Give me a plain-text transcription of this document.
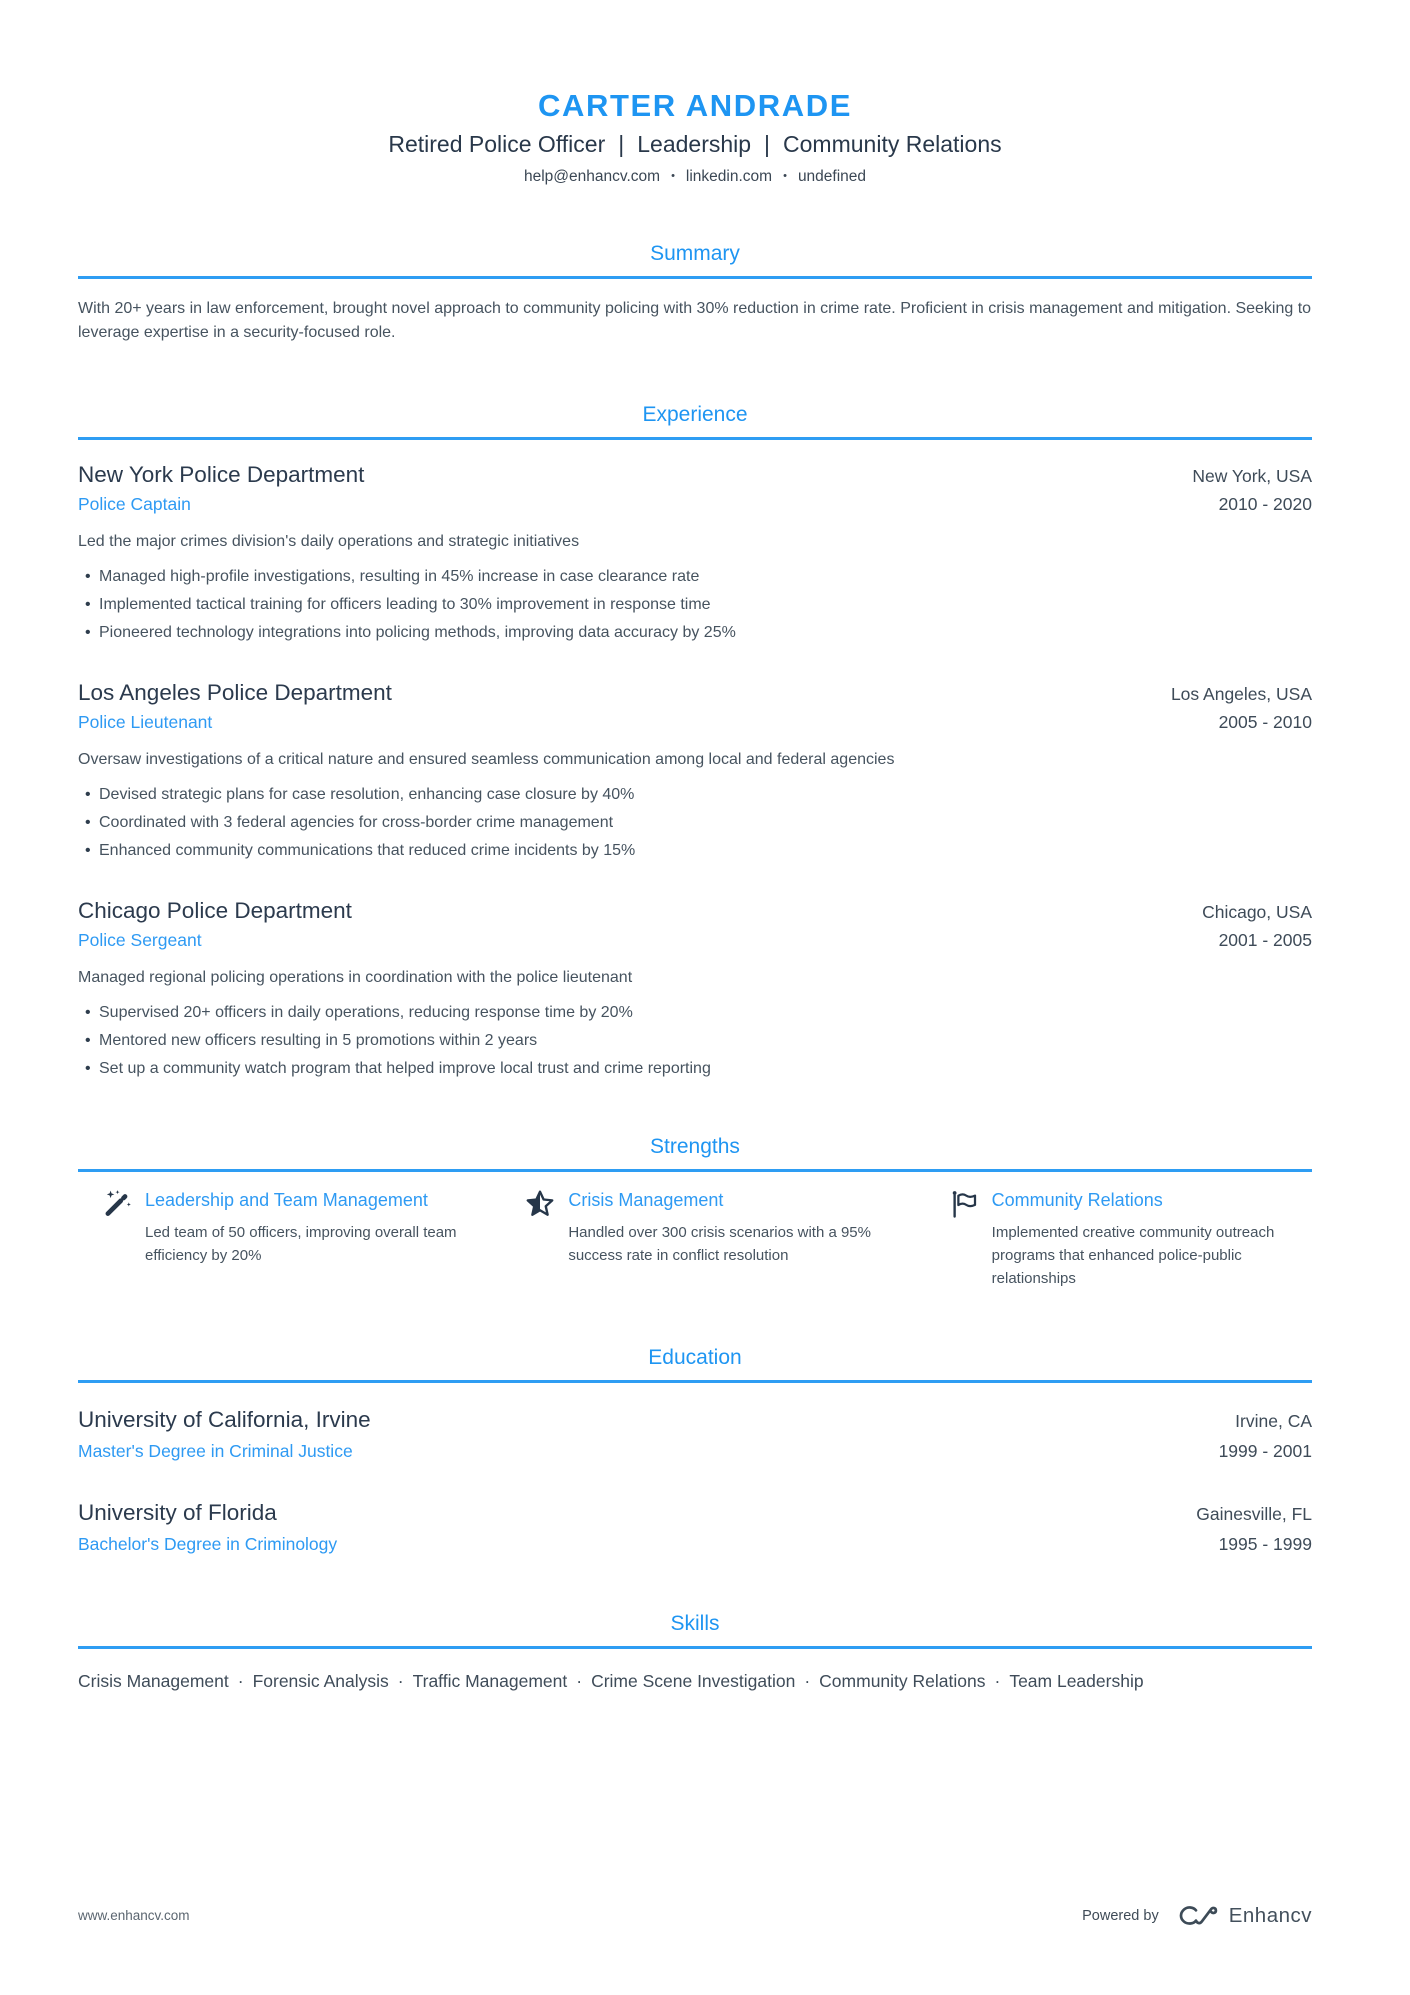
CARTER ANDRADE
Retired Police Officer | Leadership | Community Relations
help@enhancv.com • linkedin.com • undefined
Summary

With 20+ years in law enforcement, brought novel approach to community policing with 30% reduction in crime rate. Proficient in crisis management and mitigation. Seeking to leverage expertise in a security-focused role.

Experience
New York Police Department	New York, USA
Police Captain	2010 - 2020

Led the major crimes division's daily operations and strategic initiatives

• Managed high-profile investigations, resulting in 45% increase in case clearance rate
• Implemented tactical training for officers leading to 30% improvement in response time
• Pioneered technology integrations into policing methods, improving data accuracy by 25%
Los Angeles Police Department	Los Angeles, USA
Police Lieutenant	2005 - 2010

Oversaw investigations of a critical nature and ensured seamless communication among local and federal agencies

• Devised strategic plans for case resolution, enhancing case closure by 40%
• Coordinated with 3 federal agencies for cross-border crime management
• Enhanced community communications that reduced crime incidents by 15%
Chicago Police Department	Chicago, USA
Police Sergeant	2001 - 2005

Managed regional policing operations in coordination with the police lieutenant

• Supervised 20+ officers in daily operations, reducing response time by 20%
• Mentored new officers resulting in 5 promotions within 2 years
• Set up a community watch program that helped improve local trust and crime reporting
Strengths
Leadership and Team Management
Led team of 50 officers, improving overall team efficiency by 20%
Crisis Management
Handled over 300 crisis scenarios with a 95% success rate in conflict resolution
Community Relations
Implemented creative community outreach programs that enhanced police-public relationships
Education
University of California, Irvine	Irvine, CA
Master's Degree in Criminal Justice	1999 - 2001
University of Florida	Gainesville, FL
Bachelor's Degree in Criminology	1995 - 1999
Skills

Crisis Management · Forensic Analysis · Traffic Management · Crime Scene Investigation · Community Relations · Team Leadership

www.enhancv.com	Powered by	Enhancv
